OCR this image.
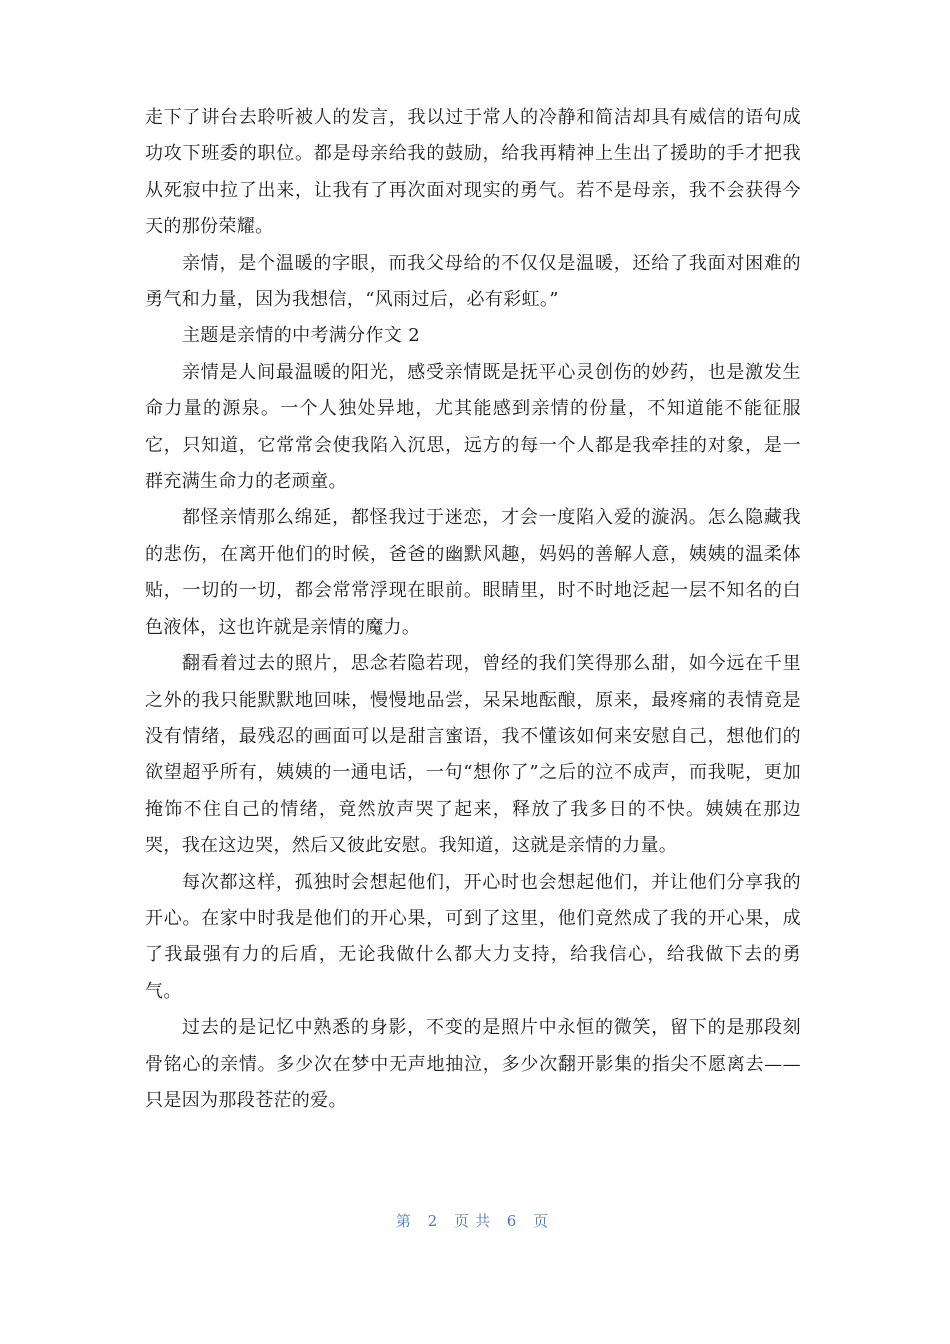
走下了讲台去聆听被人的发言，我以过于常人的冷静和简洁却具有威信的语句成功攻下班委的职位。都是母亲给我的鼓励，给我再精神上生出了援助的手才把我从死寂中拉了出来，让我有了再次面对现实的勇气。若不是母亲，我不会获得今天的那份荣耀。

亲情，是个温暖的字眼，而我父母给的不仅仅是温暖，还给了我面对困难的勇气和力量，因为我想信，“风雨过后，必有彩虹。”

主题是亲情的中考满分作文 2

亲情是人间最温暖的阳光，感受亲情既是抚平心灵创伤的妙药，也是激发生命力量的源泉。一个人独处异地，尤其能感到亲情的份量，不知道能不能征服它，只知道，它常常会使我陷入沉思，远方的每一个人都是我牵挂的对象，是一群充满生命力的老顽童。

都怪亲情那么绵延，都怪我过于迷恋，才会一度陷入爱的漩涡。怎么隐藏我的悲伤，在离开他们的时候，爸爸的幽默风趣，妈妈的善解人意，姨姨的温柔体贴，一切的一切，都会常常浮现在眼前。眼睛里，时不时地泛起一层不知名的白色液体，这也许就是亲情的魔力。

翻看着过去的照片，思念若隐若现，曾经的我们笑得那么甜，如今远在千里之外的我只能默默地回味，慢慢地品尝，呆呆地酝酿，原来，最疼痛的表情竟是没有情绪，最残忍的画面可以是甜言蜜语，我不懂该如何来安慰自己，想他们的欲望超乎所有，姨姨的一通电话，一句“想你了”之后的泣不成声，而我呢，更加掩饰不住自己的情绪，竟然放声哭了起来，释放了我多日的不快。姨姨在那边哭，我在这边哭，然后又彼此安慰。我知道，这就是亲情的力量。

每次都这样，孤独时会想起他们，开心时也会想起他们，并让他们分享我的开心。在家中时我是他们的开心果，可到了这里，他们竟然成了我的开心果，成了我最强有力的后盾，无论我做什么都大力支持，给我信心，给我做下去的勇气。

过去的是记忆中熟悉的身影，不变的是照片中永恒的微笑，留下的是那段刻骨铭心的亲情。多少次在梦中无声地抽泣，多少次翻开影集的指尖不愿离去——只是因为那段苍茫的爱。

第 2 页共 6 页
